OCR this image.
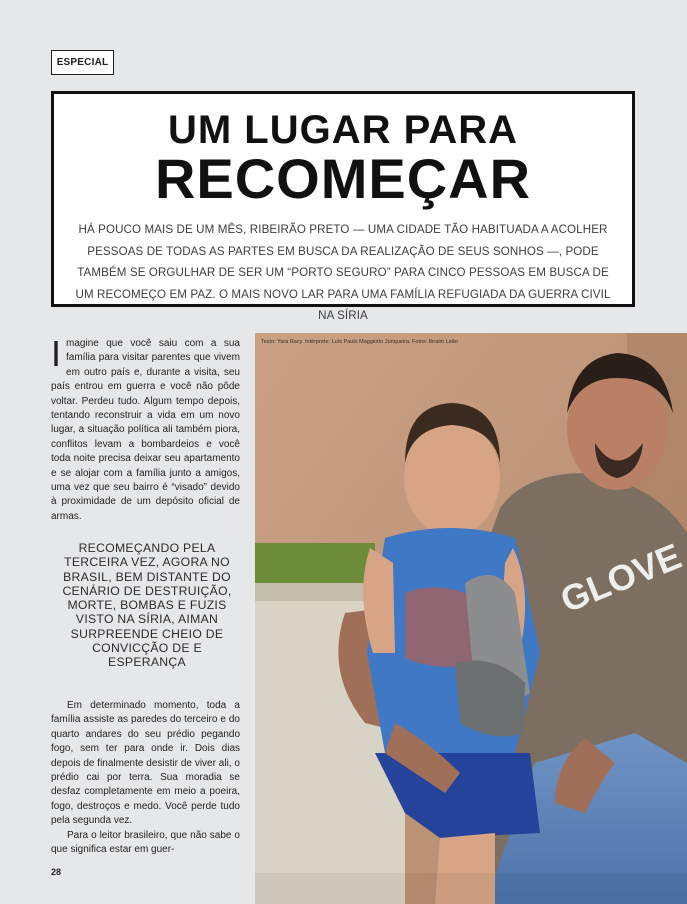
ESPECIAL
UM LUGAR PARA
RECOMEÇAR
HÁ POUCO MAIS DE UM MÊS, RIBEIRÃO PRETO — UMA CIDADE TÃO HABITUADA A ACOLHER PESSOAS DE TODAS AS PARTES EM BUSCA DA REALIZAÇÃO DE SEUS SONHOS —, PODE TAMBÉM SE ORGULHAR DE SER UM “PORTO SEGURO” PARA CINCO PESSOAS EM BUSCA DE UM RECOMEÇO EM PAZ. O MAIS NOVO LAR PARA UMA FAMÍLIA REFUGIADA DA GUERRA CIVIL NA SÍRIA
Imagine que você saiu com a sua família para visitar parentes que vivem em outro país e, durante a visita, seu país entrou em guerra e você não pôde voltar. Perdeu tudo. Algum tempo depois, tentando reconstruir a vida em um novo lugar, a situação política ali também piora, conflitos levam a bombardeios e você toda noite precisa deixar seu apartamento e se alojar com a família junto a amigos, uma vez que seu bairro é “visado” devido à proximidade de um depósito oficial de armas.
RECOMEÇANDO PELA TERCEIRA VEZ, AGORA NO BRASIL, BEM DISTANTE DO CENÁRIO DE DESTRUIÇÃO, MORTE, BOMBAS E FUZIS VISTO NA SÍRIA, AIMAN SURPREENDE CHEIO DE CONVICÇÃO DE E ESPERANÇA

Em determinado momento, toda a família assiste as paredes do terceiro e do quarto andares do seu prédio pegando fogo, sem ter para onde ir. Dois dias depois de finalmente desistir de viver ali, o prédio cai por terra. Sua moradia se desfaz completamente em meio a poeira, fogo, destroços e medo. Você perde tudo pela segunda vez.

Para o leitor brasileiro, que não sabe o que significa estar em guer-

28
GLOVE
Texto: Yara Racy. Intérprete: Luís Paulo Maggiotto Junqueira. Fotos: Ibraim Leão
